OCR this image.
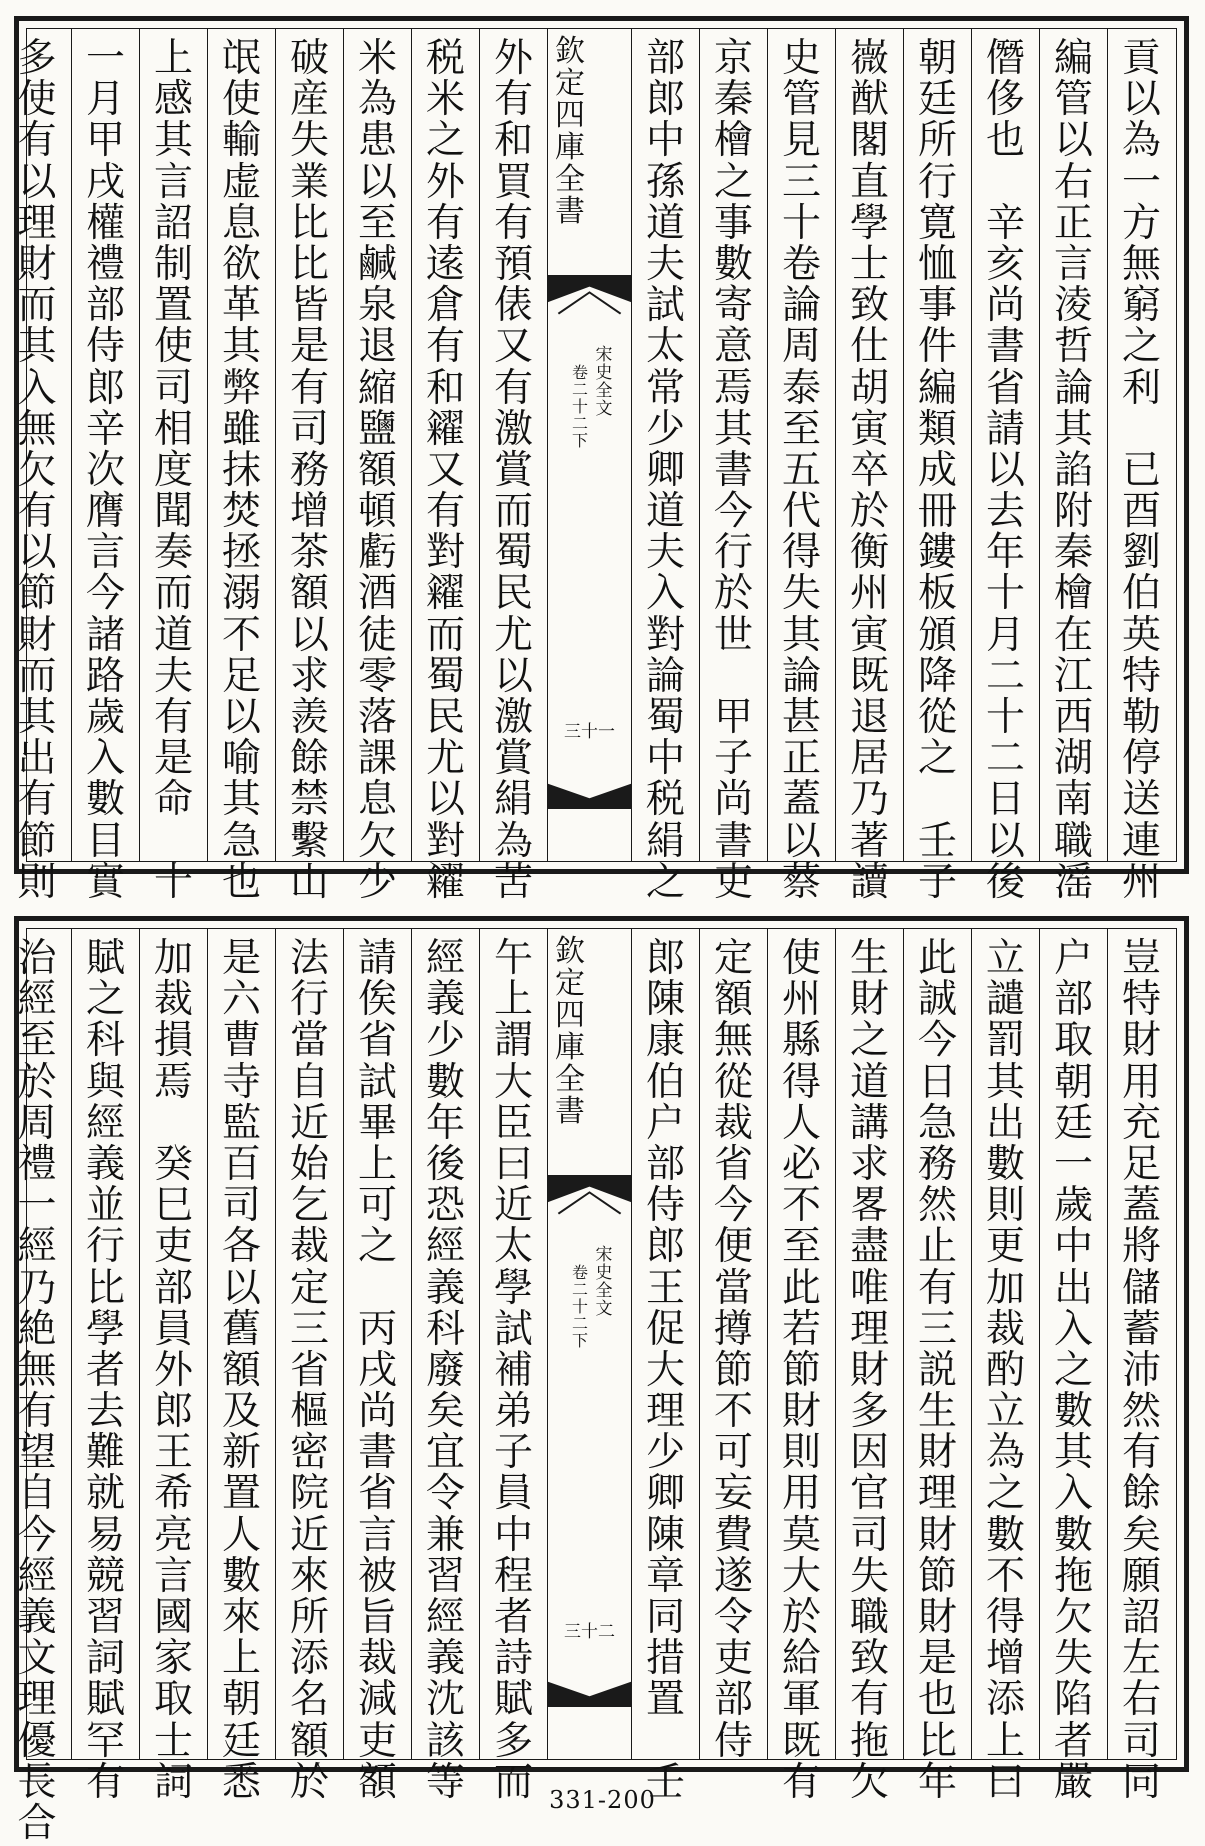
貢
以
為
一
方
無
窮
之
利
已
酉
劉
伯
英
特
勒
停
送
連
州
編
管
以
右
正
言
淩
哲
論
其
諂
附
秦
檜
在
江
西
湖
南
職
滛
僭
侈
也
辛
亥
尚
書
省
請
以
去
年
十
月
二
十
二
日
以
後
朝
廷
所
行
寛
恤
事
件
編
類
成
冊
鏤
板
頒
降
從
之
壬
子
嶶
猷
閣
直
學
士
致
仕
胡
寅
卒
於
衡
州
寅
既
退
居
乃
著
讀
史
管
見
三
十
卷
論
周
泰
至
五
代
得
失
其
論
甚
正
蓋
以
蔡
京
秦
檜
之
事
數
寄
意
焉
其
書
今
行
於
世
甲
子
尚
書
吏
部
郎
中
孫
道
夫
試
太
常
少
卿
道
夫
入
對
論
蜀
中
税
絹
之
欽
定
四
庫
全
書
宋
史
全
文
卷
二
十
二
下
三十一
外
有
和
買
有
預
俵
又
有
激
賞
而
蜀
民
尤
以
激
賞
絹
為
苦
税
米
之
外
有
逺
倉
有
和
糴
又
有
對
糴
而
蜀
民
尤
以
對
糴
米
為
患
以
至
鹹
泉
退
縮
鹽
額
頓
虧
酒
徒
零
落
課
息
欠
少
破
産
失
業
比
比
皆
是
有
司
務
增
茶
額
以
求
羨
餘
禁
繫
山
氓
使
輸
虚
息
欲
革
其
弊
雖
抹
焚
拯
溺
不
足
以
喻
其
急
也
上
感
其
言
詔
制
置
使
司
相
度
聞
奏
而
道
夫
有
是
命
十
一
月
甲
戌
權
禮
部
侍
郎
辛
次
膺
言
今
諸
路
歲
入
數
目
實
多
使
有
以
理
財
而
其
入
無
欠
有
以
節
財
而
其
出
有
節
則
豈
特
財
用
充
足
蓋
將
儲
蓄
沛
然
有
餘
矣
願
詔
左
右
司
同
户
部
取
朝
廷
一
歲
中
出
入
之
數
其
入
數
拖
欠
失
陷
者
嚴
立
譴
罰
其
出
數
則
更
加
裁
酌
立
為
之
數
不
得
增
添
上
曰
此
誠
今
日
急
務
然
止
有
三
説
生
財
理
財
節
財
是
也
比
年
生
財
之
道
講
求
畧
盡
唯
理
財
多
因
官
司
失
職
致
有
拖
欠
使
州
縣
得
人
必
不
至
此
若
節
財
則
用
莫
大
於
給
軍
既
有
定
額
無
從
裁
省
今
便
當
撙
節
不
可
妄
費
遂
令
吏
部
侍
郎
陳
康
伯
户
部
侍
郎
王
促
大
理
少
卿
陳
章
同
措
置
壬
欽
定
四
庫
全
書
宋
史
全
文
卷
二
十
二
下
三十二
午
上
謂
大
臣
曰
近
太
學
試
補
弟
子
員
中
程
者
詩
賦
多
而
經
義
少
數
年
後
恐
經
義
科
廢
矣
宜
令
兼
習
經
義
沈
該
等
請
俟
省
試
畢
上
可
之
丙
戌
尚
書
省
言
被
旨
裁
減
吏
額
法
行
當
自
近
始
乞
裁
定
三
省
樞
密
院
近
來
所
添
名
額
於
是
六
曹
寺
監
百
司
各
以
舊
額
及
新
置
人
數
來
上
朝
廷
悉
加
裁
損
焉
癸
巳
吏
部
員
外
郎
王
希
亮
言
國
家
取
士
詞
賦
之
科
與
經
義
並
行
比
學
者
去
難
就
易
競
習
詞
賦
罕
有
治
經
至
於
周
禮
一
經
乃
絶
無
有
望
自
今
經
義
文
理
優
長
合
331-200
